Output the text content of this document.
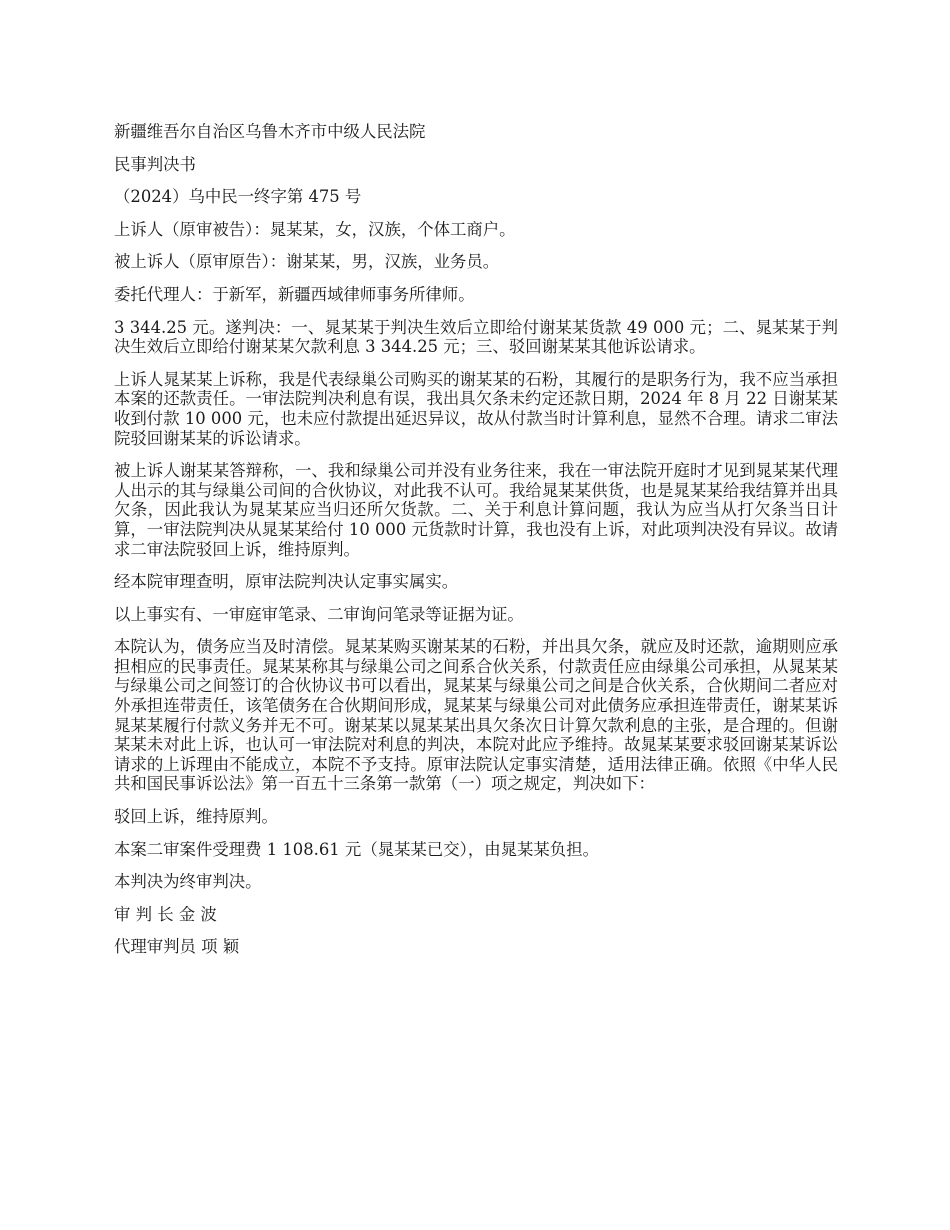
新疆维吾尔自治区乌鲁木齐市中级人民法院

民事判决书

（2024）乌中民一终字第 475 号

上诉人（原审被告）：晁某某，女，汉族，个体工商户。

被上诉人（原审原告）：谢某某，男，汉族，业务员。

委托代理人：于新军，新疆西域律师事务所律师。

3 344.25 元。遂判决：一、晁某某于判决生效后立即给付谢某某货款 49 000 元；二、晁某某于判决生效后立即给付谢某某欠款利息 3 344.25 元；三、驳回谢某某其他诉讼请求。

上诉人晁某某上诉称，我是代表绿巢公司购买的谢某某的石粉，其履行的是职务行为，我不应当承担本案的还款责任。一审法院判决利息有误，我出具欠条未约定还款日期，2024 年 8 月 22 日谢某某收到付款 10 000 元，也未应付款提出延迟异议，故从付款当时计算利息，显然不合理。请求二审法院驳回谢某某的诉讼请求。

被上诉人谢某某答辩称，一、我和绿巢公司并没有业务往来，我在一审法院开庭时才见到晁某某代理人出示的其与绿巢公司间的合伙协议，对此我不认可。我给晁某某供货，也是晁某某给我结算并出具欠条，因此我认为晁某某应当归还所欠货款。二、关于利息计算问题，我认为应当从打欠条当日计算，一审法院判决从晁某某给付 10 000 元货款时计算，我也没有上诉，对此项判决没有异议。故请求二审法院驳回上诉，维持原判。

经本院审理查明，原审法院判决认定事实属实。

以上事实有、一审庭审笔录、二审询问笔录等证据为证。

本院认为，债务应当及时清偿。晁某某购买谢某某的石粉，并出具欠条，就应及时还款，逾期则应承担相应的民事责任。晁某某称其与绿巢公司之间系合伙关系，付款责任应由绿巢公司承担，从晁某某与绿巢公司之间签订的合伙协议书可以看出，晁某某与绿巢公司之间是合伙关系，合伙期间二者应对外承担连带责任，该笔债务在合伙期间形成，晁某某与绿巢公司对此债务应承担连带责任，谢某某诉晁某某履行付款义务并无不可。谢某某以晁某某出具欠条次日计算欠款利息的主张，是合理的。但谢某某未对此上诉，也认可一审法院对利息的判决，本院对此应予维持。故晁某某要求驳回谢某某诉讼请求的上诉理由不能成立，本院不予支持。原审法院认定事实清楚，适用法律正确。依照《中华人民共和国民事诉讼法》第一百五十三条第一款第（一）项之规定，判决如下：

驳回上诉，维持原判。

本案二审案件受理费 1 108.61 元（晁某某已交），由晁某某负担。

本判决为终审判决。

审 判 长 金 波

代理审判员 项 颖
